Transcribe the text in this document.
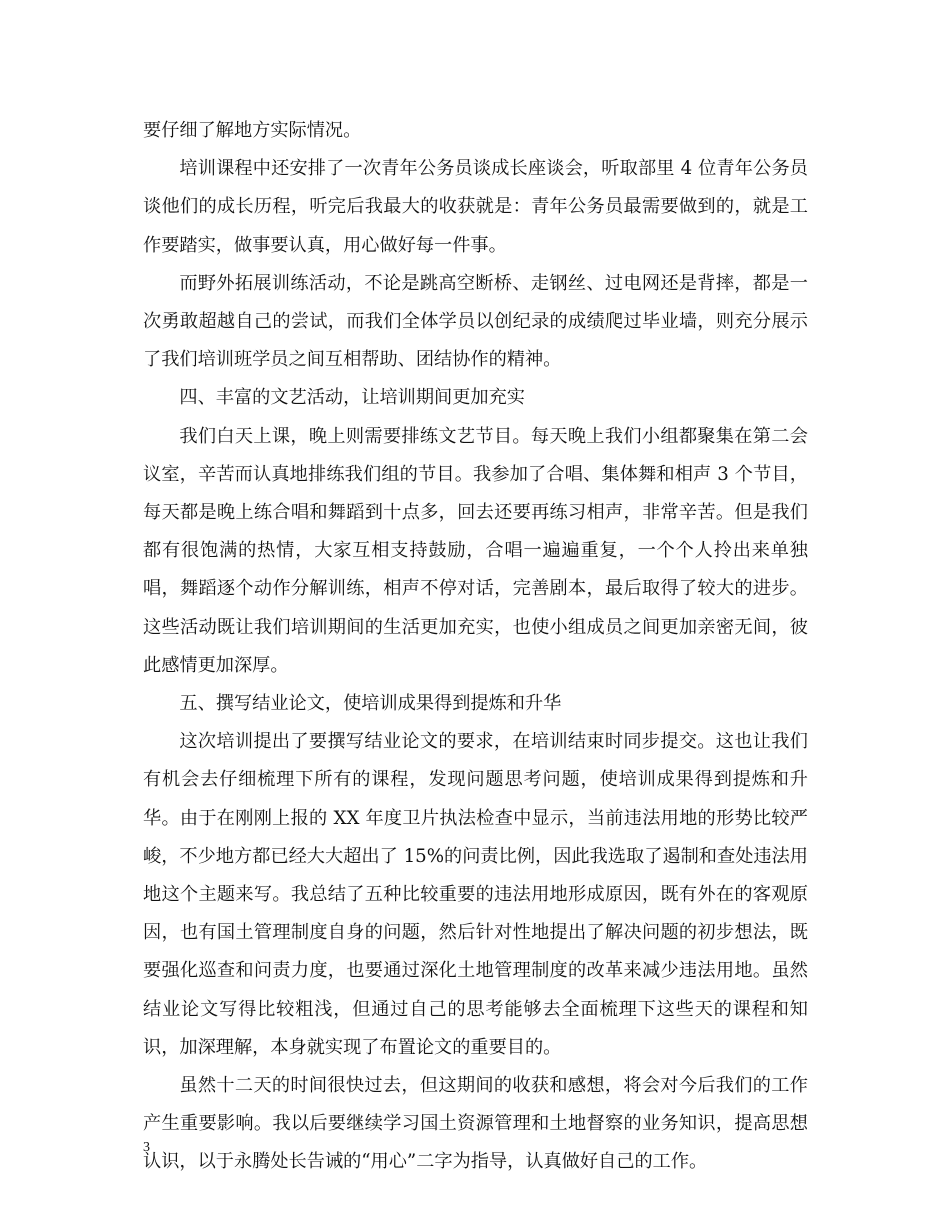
要仔细了解地方实际情况。

培训课程中还安排了一次青年公务员谈成长座谈会，听取部里 4 位青年公务员谈他们的成长历程，听完后我最大的收获就是：青年公务员最需要做到的，就是工作要踏实，做事要认真，用心做好每一件事。

而野外拓展训练活动，不论是跳高空断桥、走钢丝、过电网还是背摔，都是一次勇敢超越自己的尝试，而我们全体学员以创纪录的成绩爬过毕业墙，则充分展示了我们培训班学员之间互相帮助、团结协作的精神。

四、丰富的文艺活动，让培训期间更加充实

我们白天上课，晚上则需要排练文艺节目。每天晚上我们小组都聚集在第二会议室，辛苦而认真地排练我们组的节目。我参加了合唱、集体舞和相声 3 个节目，每天都是晚上练合唱和舞蹈到十点多，回去还要再练习相声，非常辛苦。但是我们都有很饱满的热情，大家互相支持鼓励，合唱一遍遍重复，一个个人拎出来单独唱，舞蹈逐个动作分解训练，相声不停对话，完善剧本，最后取得了较大的进步。这些活动既让我们培训期间的生活更加充实，也使小组成员之间更加亲密无间，彼此感情更加深厚。

五、撰写结业论文，使培训成果得到提炼和升华

这次培训提出了要撰写结业论文的要求，在培训结束时同步提交。这也让我们有机会去仔细梳理下所有的课程，发现问题思考问题，使培训成果得到提炼和升华。由于在刚刚上报的 XX 年度卫片执法检查中显示，当前违法用地的形势比较严峻，不少地方都已经大大超出了 15%的问责比例，因此我选取了遏制和查处违法用地这个主题来写。我总结了五种比较重要的违法用地形成原因，既有外在的客观原因，也有国土管理制度自身的问题，然后针对性地提出了解决问题的初步想法，既要强化巡查和问责力度，也要通过深化土地管理制度的改革来减少违法用地。虽然结业论文写得比较粗浅，但通过自己的思考能够去全面梳理下这些天的课程和知识，加深理解，本身就实现了布置论文的重要目的。

虽然十二天的时间很快过去，但这期间的收获和感想，将会对今后我们的工作产生重要影响。我以后要继续学习国土资源管理和土地督察的业务知识，提高思想认识，以于永腾处长告诫的“用心”二字为指导，认真做好自己的工作。

3
